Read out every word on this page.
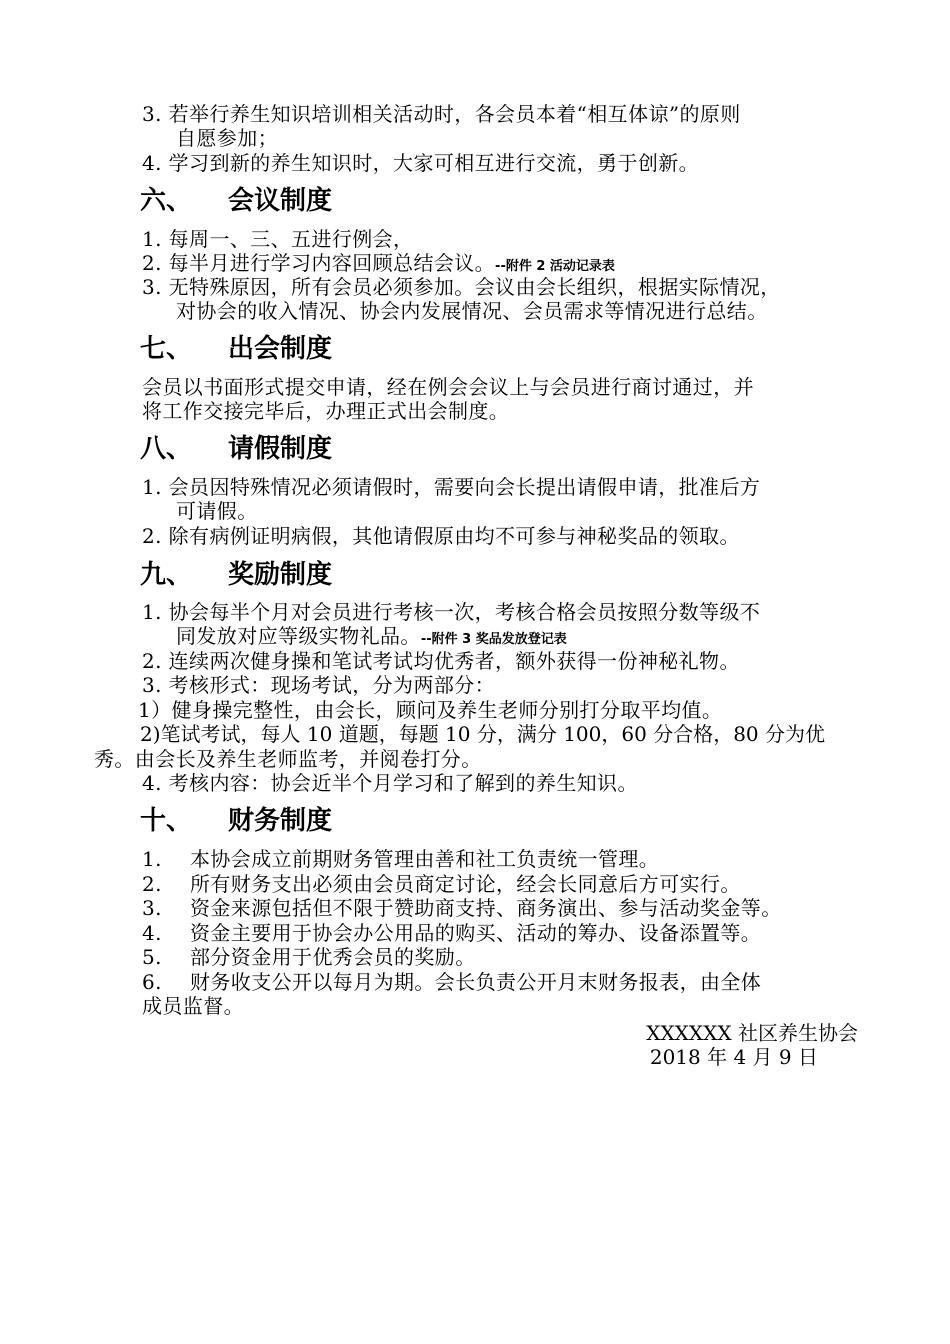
3. 若举行养生知识培训相关活动时，各会员本着“相互体谅”的原则
自愿参加；
4. 学习到新的养生知识时，大家可相互进行交流，勇于创新。
六、 会议制度
1. 每周一、三、五进行例会，
2. 每半月进行学习内容回顾总结会议。--附件 2 活动记录表
3. 无特殊原因，所有会员必须参加。会议由会长组织，根据实际情况，
对协会的收入情况、协会内发展情况、会员需求等情况进行总结。
七、 出会制度
会员以书面形式提交申请，经在例会会议上与会员进行商讨通过，并
将工作交接完毕后，办理正式出会制度。
八、 请假制度
1. 会员因特殊情况必须请假时，需要向会长提出请假申请，批准后方
可请假。
2. 除有病例证明病假，其他请假原由均不可参与神秘奖品的领取。
九、 奖励制度
1. 协会每半个月对会员进行考核一次，考核合格会员按照分数等级不
同发放对应等级实物礼品。--附件 3 奖品发放登记表
2. 连续两次健身操和笔试考试均优秀者，额外获得一份神秘礼物。
3. 考核形式：现场考试，分为两部分：
1）健身操完整性，由会长，顾问及养生老师分别打分取平均值。
2)笔试考试，每人 10 道题，每题 10 分，满分 100，60 分合格，80 分为优
秀。由会长及养生老师监考，并阅卷打分。
4. 考核内容：协会近半个月学习和了解到的养生知识。
十、 财务制度
1. 本协会成立前期财务管理由善和社工负责统一管理。
2. 所有财务支出必须由会员商定讨论，经会长同意后方可实行。
3. 资金来源包括但不限于赞助商支持、商务演出、参与活动奖金等。
4. 资金主要用于协会办公用品的购买、活动的筹办、设备添置等。
5. 部分资金用于优秀会员的奖励。
6. 财务收支公开以每月为期。会长负责公开月末财务报表，由全体
成员监督。
XXXXXX 社区养生协会
2018 年 4 月 9 日
